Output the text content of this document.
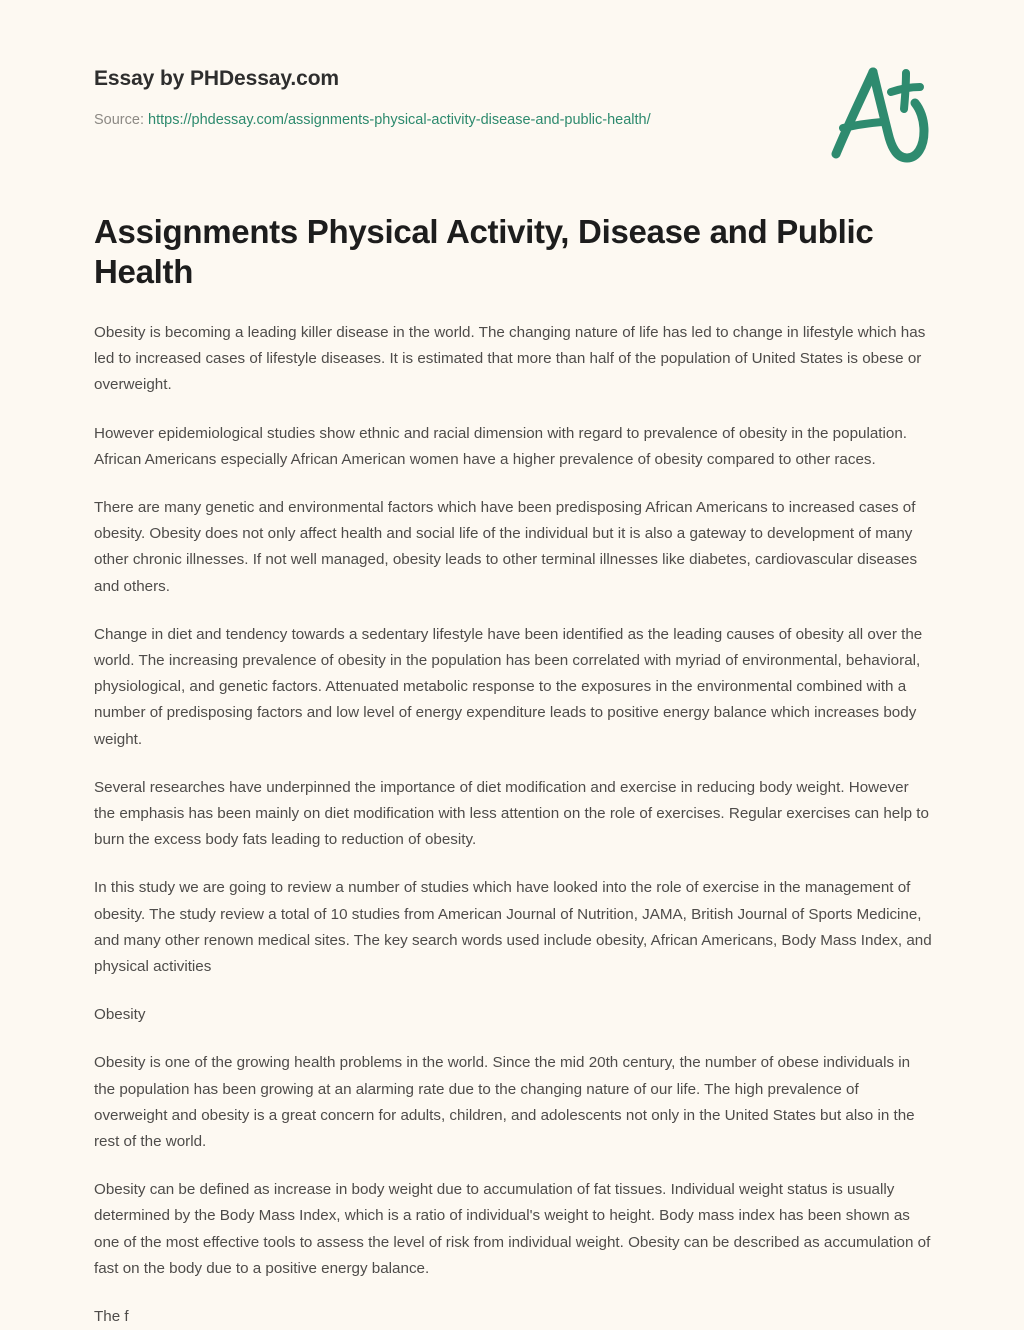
Essay by PHDessay.com
Source: https://phdessay.com/assignments-physical-activity-disease-and-public-health/
Assignments Physical Activity, Disease and Public Health

Obesity is becoming a leading killer disease in the world. The changing nature of life has led to change in lifestyle which has led to increased cases of lifestyle diseases. It is estimated that more than half of the population of United States is obese or overweight.

However epidemiological studies show ethnic and racial dimension with regard to prevalence of obesity in the population. African Americans especially African American women have a higher prevalence of obesity compared to other races.

There are many genetic and environmental factors which have been predisposing African Americans to increased cases of obesity. Obesity does not only affect health and social life of the individual but it is also a gateway to development of many other chronic illnesses. If not well managed, obesity leads to other terminal illnesses like diabetes, cardiovascular diseases and others.

Change in diet and tendency towards a sedentary lifestyle have been identified as the leading causes of obesity all over the world. The increasing prevalence of obesity in the population has been correlated with myriad of environmental, behavioral, physiological, and genetic factors. Attenuated metabolic response to the exposures in the environmental combined with a number of predisposing factors and low level of energy expenditure leads to positive energy balance which increases body weight.

Several researches have underpinned the importance of diet modification and exercise in reducing body weight. However the emphasis has been mainly on diet modification with less attention on the role of exercises. Regular exercises can help to burn the excess body fats leading to reduction of obesity.

In this study we are going to review a number of studies which have looked into the role of exercise in the management of obesity. The study review a total of 10 studies from American Journal of Nutrition, JAMA, British Journal of Sports Medicine, and many other renown medical sites. The key search words used include obesity, African Americans, Body Mass Index, and physical activities

Obesity

Obesity is one of the growing health problems in the world. Since the mid 20th century, the number of obese individuals in the population has been growing at an alarming rate due to the changing nature of our life. The high prevalence of overweight and obesity is a great concern for adults, children, and adolescents not only in the United States but also in the rest of the world.

Obesity can be defined as increase in body weight due to accumulation of fat tissues. Individual weight status is usually determined by the Body Mass Index, which is a ratio of individual's weight to height. Body mass index has been shown as one of the most effective tools to assess the level of risk from individual weight. Obesity can be described as accumulation of fast on the body due to a positive energy balance.

The f
